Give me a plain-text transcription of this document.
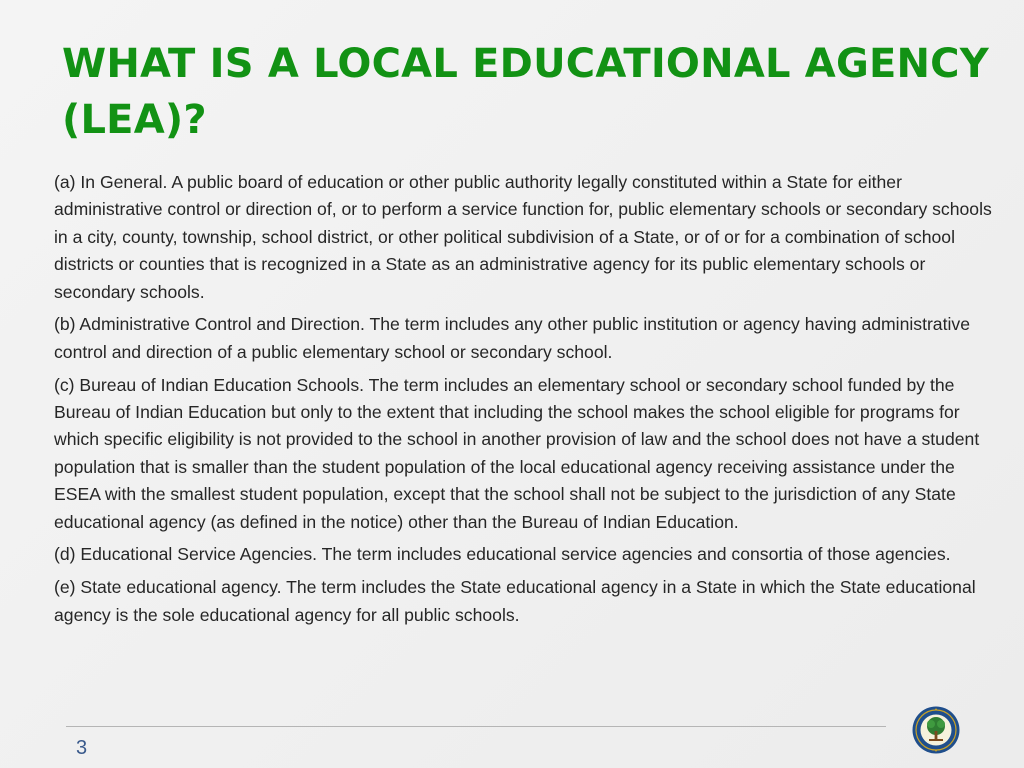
WHAT IS A LOCAL EDUCATIONAL AGENCY (LEA)?

(a) In General. A public board of education or other public authority legally constituted within a State for either administrative control or direction of, or to perform a service function for, public elementary schools or secondary schools in a city, county, township, school district, or other political subdivision of a State, or of or for a combination of school districts or counties that is recognized in a State as an administrative agency for its public elementary schools or secondary schools.

(b) Administrative Control and Direction. The term includes any other public institution or agency having administrative control and direction of a public elementary school or secondary school.

(c) Bureau of Indian Education Schools. The term includes an elementary school or secondary school funded by the Bureau of Indian Education but only to the extent that including the school makes the school eligible for programs for which specific eligibility is not provided to the school in another provision of law and the school does not have a student population that is smaller than the student population of the local educational agency receiving assistance under the ESEA with the smallest student population, except that the school shall not be subject to the jurisdiction of any State educational agency (as defined in the notice) other than the Bureau of Indian Education.

(d) Educational Service Agencies. The term includes educational service agencies and consortia of those agencies.

(e) State educational agency. The term includes the State educational agency in a State in which the State educational agency is the sole educational agency for all public schools.

3
